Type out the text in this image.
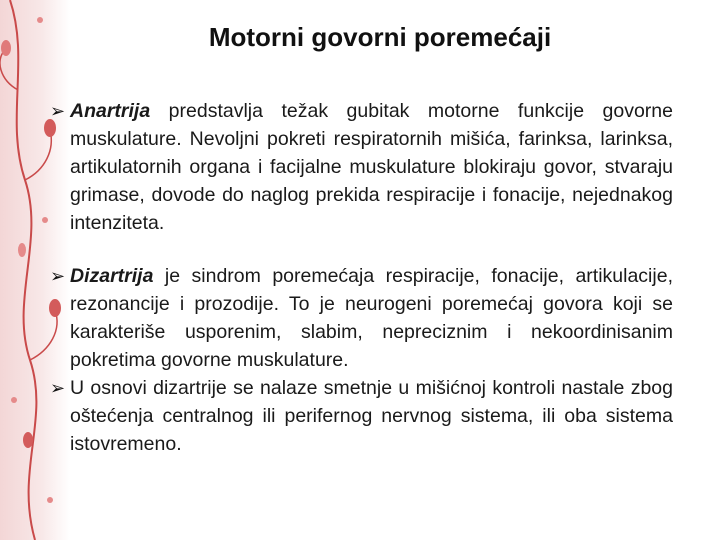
Motorni govorni poremećaji
➢ Anartrija predstavlja težak gubitak motorne funkcije govorne muskulature. Nevoljni pokreti respiratornih mišića, farinksa, larinksa, artikulatornih organa i facijalne muskulature blokiraju govor, stvaraju grimase, dovode do naglog prekida respiracije i fonacije, nejednakog intenziteta.
➢ Dizartrija je sindrom poremećaja respiracije, fonacije, artikulacije, rezonancije i prozodije. To je neurogeni poremećaj govora koji se karakteriše usporenim, slabim, nepreciznim i nekoordinisanim pokretima govorne muskulature.
➢ U osnovi dizartrije se nalaze smetnje u mišićnoj kontroli nastale zbog oštećenja centralnog ili perifernog nervnog sistema, ili oba sistema istovremeno.
